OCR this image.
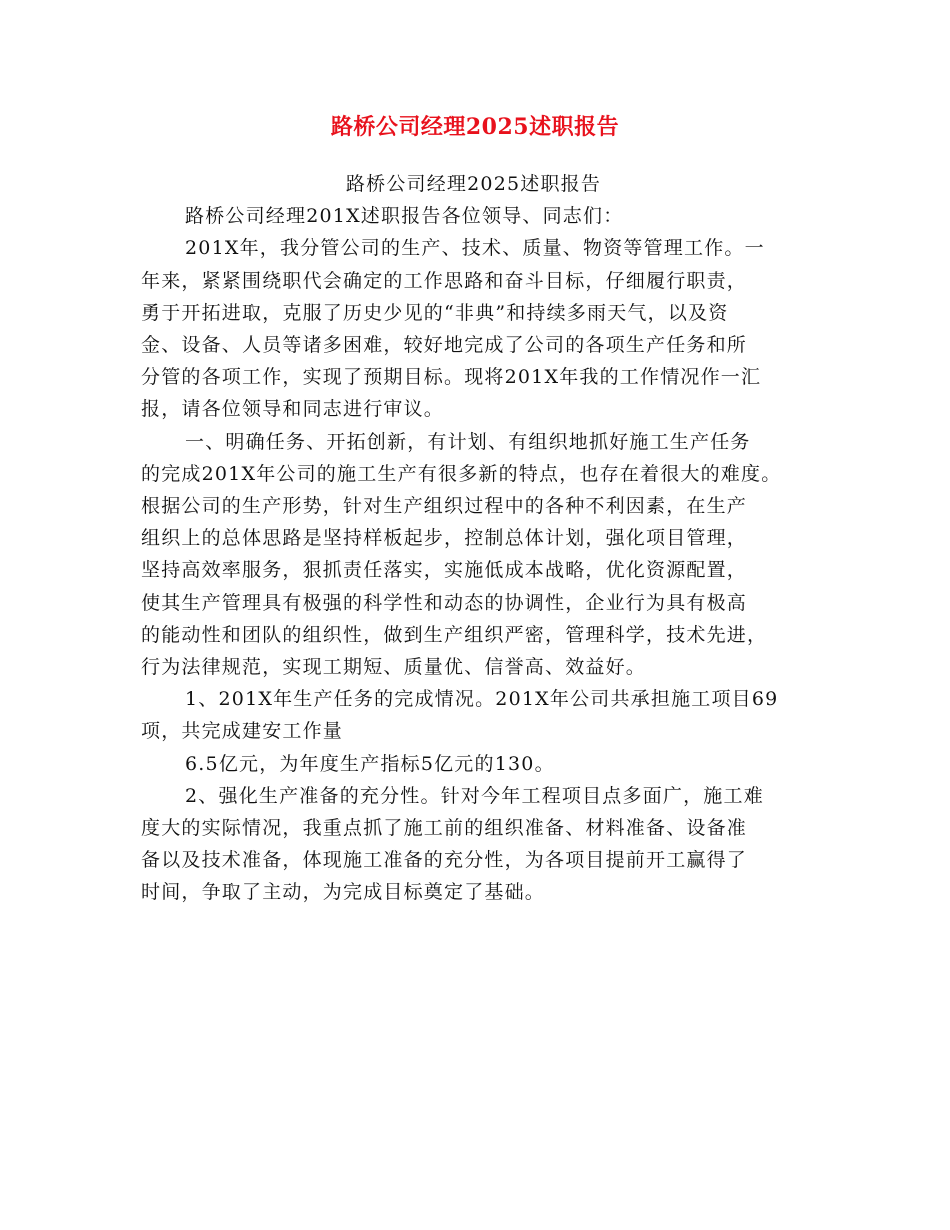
路桥公司经理2025述职报告

路桥公司经理2025述职报告

路桥公司经理201X述职报告各位领导、同志们：

201X年，我分管公司的生产、技术、质量、物资等管理工作。一
年来，紧紧围绕职代会确定的工作思路和奋斗目标，仔细履行职责，
勇于开拓进取，克服了历史少见的“非典”和持续多雨天气，以及资
金、设备、人员等诸多困难，较好地完成了公司的各项生产任务和所
分管的各项工作，实现了预期目标。现将201X年我的工作情况作一汇
报，请各位领导和同志进行审议。

一、明确任务、开拓创新，有计划、有组织地抓好施工生产任务
的完成201X年公司的施工生产有很多新的特点，也存在着很大的难度。
根据公司的生产形势，针对生产组织过程中的各种不利因素，在生产
组织上的总体思路是坚持样板起步，控制总体计划，强化项目管理，
坚持高效率服务，狠抓责任落实，实施低成本战略，优化资源配置，
使其生产管理具有极强的科学性和动态的协调性，企业行为具有极高
的能动性和团队的组织性，做到生产组织严密，管理科学，技术先进，
行为法律规范，实现工期短、质量优、信誉高、效益好。

1、201X年生产任务的完成情况。201X年公司共承担施工项目69
项，共完成建安工作量

6.5亿元，为年度生产指标5亿元的130。

2、强化生产准备的充分性。针对今年工程项目点多面广，施工难
度大的实际情况，我重点抓了施工前的组织准备、材料准备、设备准
备以及技术准备，体现施工准备的充分性，为各项目提前开工赢得了
时间，争取了主动，为完成目标奠定了基础。
